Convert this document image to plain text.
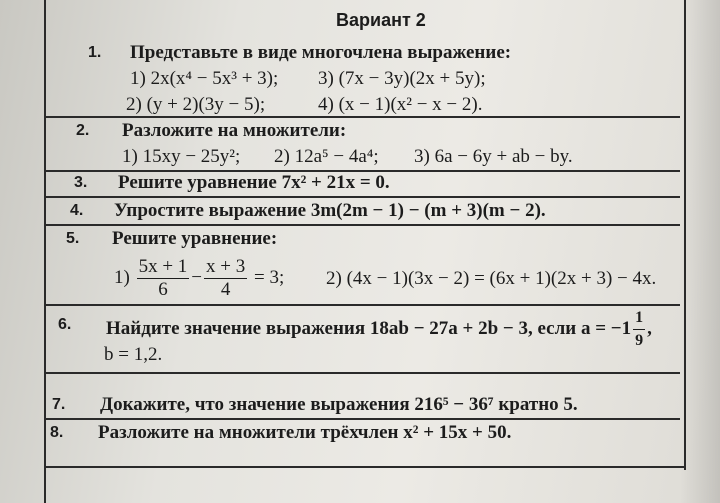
Вариант 2
1. Представьте в виде многочлена выражение:
1) 2x(x⁴ − 5x³ + 3); 3) (7x − 3y)(2x + 5y);
2) (y + 2)(3y − 5);	4) (x − 1)(x² − x − 2).
2. Разложите на множители:
1) 15xy − 25y²; 2) 12a⁵ − 4a⁴; 3) 6a − 6y + ab − by.
3. Решите уравнение 7x² + 21x = 0.
4. Упростите выражение 3m(2m − 1) − (m + 3)(m − 2).
5. Решите уравнение:
$1) \frac{5x + 1}{6} - \frac{x + 3}{4} = 3$; 2) (4x − 1)(3x − 2) = (6x + 1)(2x + 3) − 4x.
6. Найдите значение выражения 18ab − 27a + 2b − 3, если $a = -1 \frac{1}{9}$ ,
b = 1,2.
7. Докажите, что значение выражения 216⁵ − 36⁷ кратно 5.
8. Разложите на множители трёхчлен x² + 15x + 50.
